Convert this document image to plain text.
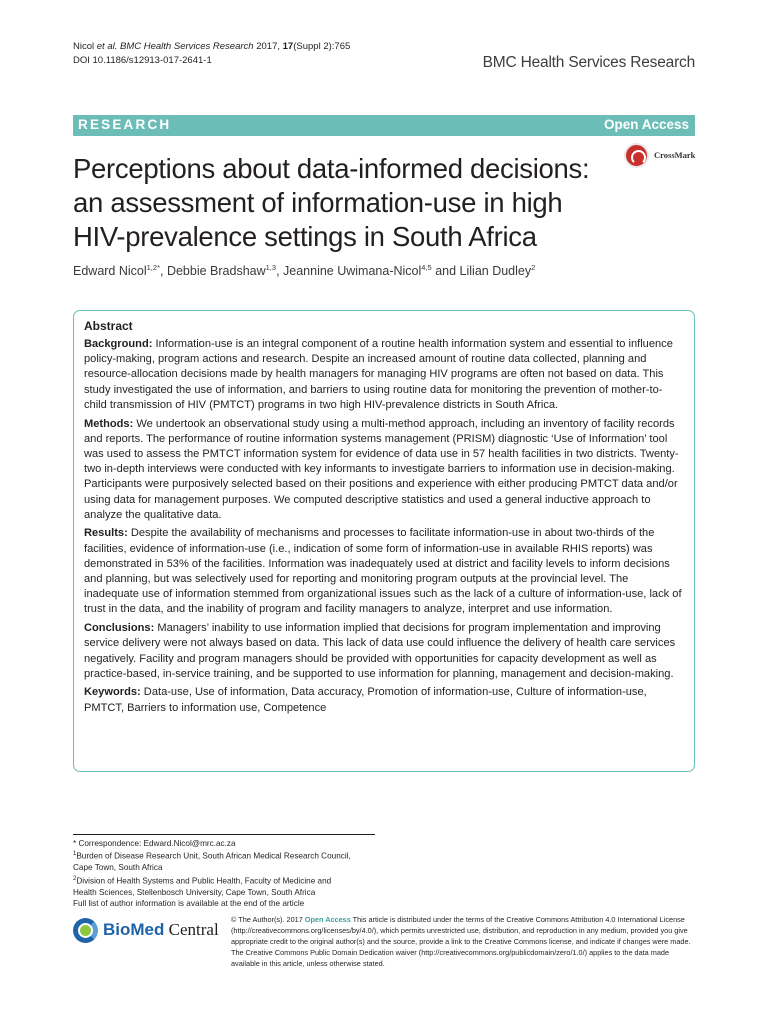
Nicol et al. BMC Health Services Research 2017, 17(Suppl 2):765
DOI 10.1186/s12913-017-2641-1	BMC Health Services Research
RESEARCH	Open Access
Perceptions about data-informed decisions:
an assessment of information-use in high
HIV-prevalence settings in South Africa
CrossMark
Edward Nicol$^{1,2*}$, Debbie Bradshaw$^{1,3}$, Jeannine Uwimana-Nicol$^{4,5}$ and Lilian Dudley$^2$
Abstract

Background: Information-use is an integral component of a routine health information system and essential to influence policy-making, program actions and research. Despite an increased amount of routine data collected, planning and resource-allocation decisions made by health managers for managing HIV programs are often not based on data. This study investigated the use of information, and barriers to using routine data for monitoring the prevention of mother-to-child transmission of HIV (PMTCT) programs in two high HIV-prevalence districts in South Africa.

Methods: We undertook an observational study using a multi-method approach, including an inventory of facility records and reports. The performance of routine information systems management (PRISM) diagnostic ‘Use of Information’ tool was used to assess the PMTCT information system for evidence of data use in 57 health facilities in two districts. Twenty-two in-depth interviews were conducted with key informants to investigate barriers to information use in decision-making. Participants were purposively selected based on their positions and experience with either producing PMTCT data and/or using data for management purposes. We computed descriptive statistics and used a general inductive approach to analyze the qualitative data.

Results: Despite the availability of mechanisms and processes to facilitate information-use in about two-thirds of the facilities, evidence of information-use (i.e., indication of some form of information-use in available RHIS reports) was demonstrated in 53% of the facilities. Information was inadequately used at district and facility levels to inform decisions and planning, but was selectively used for reporting and monitoring program outputs at the provincial level. The inadequate use of information stemmed from organizational issues such as the lack of a culture of information-use, lack of trust in the data, and the inability of program and facility managers to analyze, interpret and use information.

Conclusions: Managers’ inability to use information implied that decisions for program implementation and improving service delivery were not always based on data. This lack of data use could influence the delivery of health care services negatively. Facility and program managers should be provided with opportunities for capacity development as well as practice-based, in-service training, and be supported to use information for planning, management and decision-making.

Keywords: Data-use, Use of information, Data accuracy, Promotion of information-use, Culture of information-use, PMTCT, Barriers to information use, Competence

* Correspondence: Edward.Nicol@mrc.ac.za
$^1$Burden of Disease Research Unit, South African Medical Research Council,
Cape Town, South Africa
$^2$Division of Health Systems and Public Health, Faculty of Medicine and
Health Sciences, Stellenbosch University, Cape Town, South Africa
Full list of author information is available at the end of the article
BioMed Central
© The Author(s). 2017 Open Access This article is distributed under the terms of the Creative Commons Attribution 4.0 International License (http://creativecommons.org/licenses/by/4.0/), which permits unrestricted use, distribution, and reproduction in any medium, provided you give appropriate credit to the original author(s) and the source, provide a link to the Creative Commons license, and indicate if changes were made. The Creative Commons Public Domain Dedication waiver (http://creativecommons.org/publicdomain/zero/1.0/) applies to the data made available in this article, unless otherwise stated.
